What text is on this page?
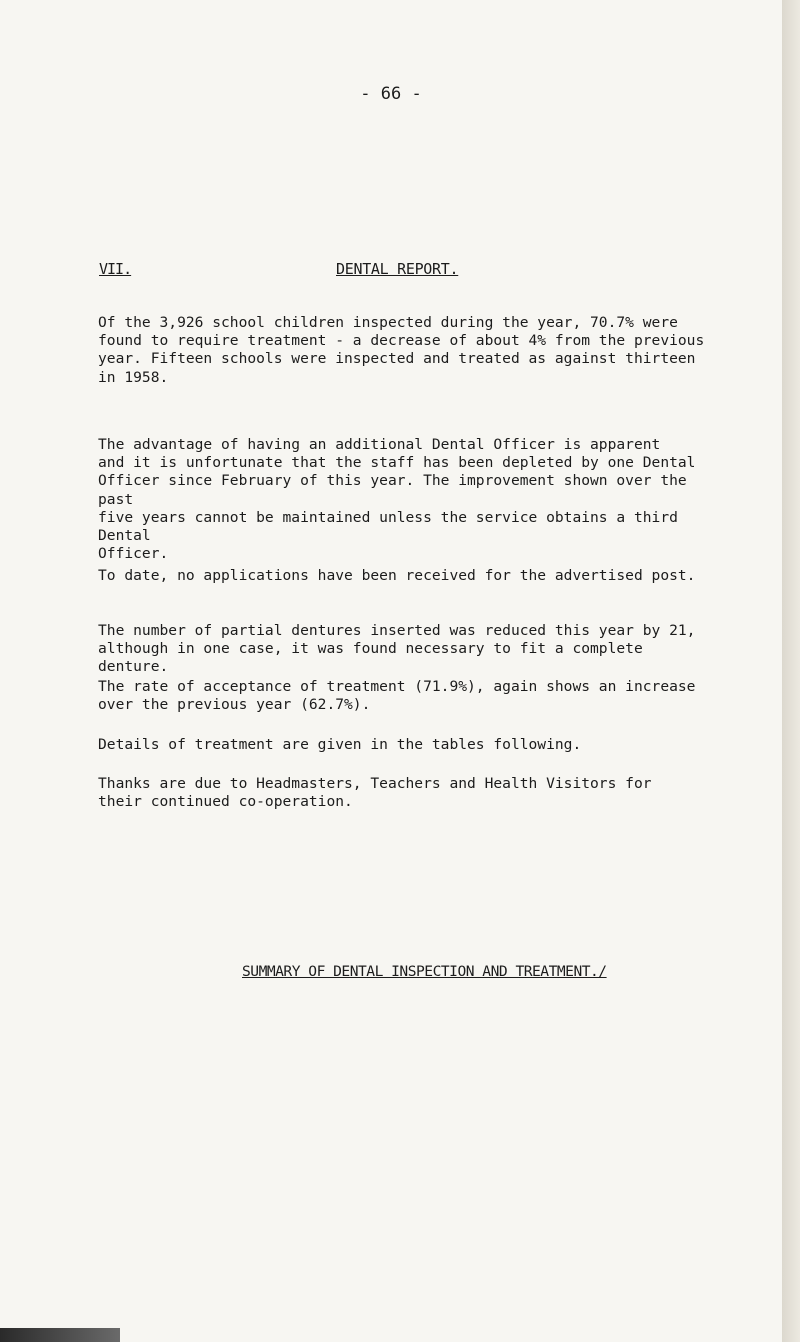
- 66 -
VII.	DENTAL REPORT.

Of the 3,926 school children inspected during the year, 70.7% were
found to require treatment - a decrease of about 4% from the previous
year. Fifteen schools were inspected and treated as against thirteen
in 1958.

The advantage of having an additional Dental Officer is apparent
and it is unfortunate that the staff has been depleted by one Dental
Officer since February of this year. The improvement shown over the past
five years cannot be maintained unless the service obtains a third Dental
Officer.

To date, no applications have been received for the advertised post.

The number of partial dentures inserted was reduced this year by 21,
although in one case, it was found necessary to fit a complete denture.

The rate of acceptance of treatment (71.9%), again shows an increase
over the previous year (62.7%).

Details of treatment are given in the tables following.

Thanks are due to Headmasters, Teachers and Health Visitors for
their continued co-operation.

SUMMARY OF DENTAL INSPECTION AND TREATMENT./
